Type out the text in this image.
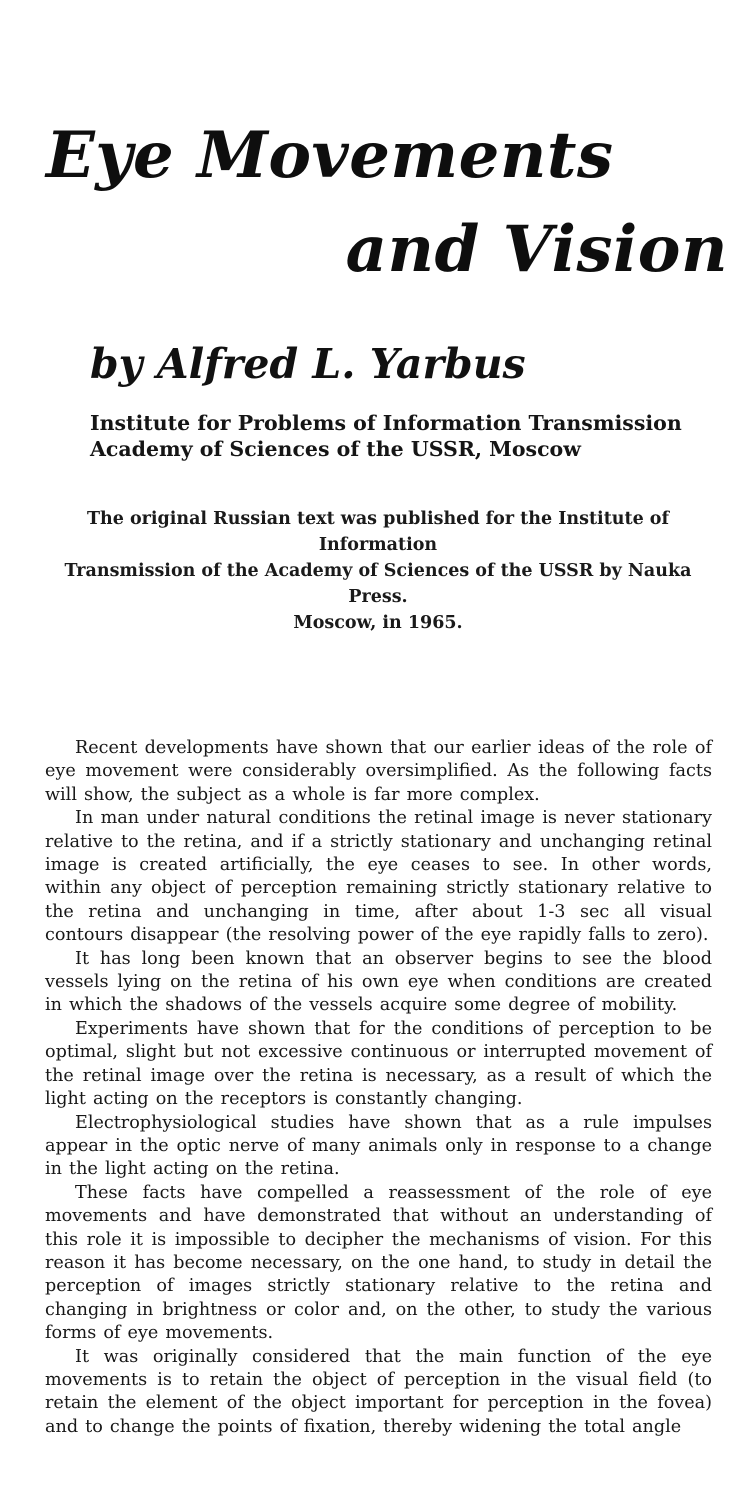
Eye Movements
and Vision
by Alfred L. Yarbus
Institute for Problems of Information Transmission
Academy of Sciences of the USSR, Moscow
The original Russian text was published for the Institute of Information
Transmission of the Academy of Sciences of the USSR by Nauka Press.
Moscow, in 1965.

Recent developments have shown that our earlier ideas of the role of eye movement were considerably oversimplified. As the following facts will show, the subject as a whole is far more complex.

In man under natural conditions the retinal image is never stationary relative to the retina, and if a strictly stationary and unchanging retinal image is created artificially, the eye ceases to see. In other words, within any object of perception remaining strictly stationary relative to the retina and unchanging in time, after about 1-3 sec all visual contours disappear (the resolving power of the eye rapidly falls to zero).

It has long been known that an observer begins to see the blood vessels lying on the retina of his own eye when conditions are created in which the shadows of the vessels acquire some degree of mobility.

Experiments have shown that for the conditions of perception to be optimal, slight but not excessive continuous or interrupted movement of the retinal image over the retina is necessary, as a result of which the light acting on the receptors is constantly changing.

Electrophysiological studies have shown that as a rule impulses appear in the optic nerve of many animals only in response to a change in the light acting on the retina.

These facts have compelled a reassessment of the role of eye movements and have demonstrated that without an understanding of this role it is impossible to decipher the mechanisms of vision. For this reason it has become necessary, on the one hand, to study in detail the perception of images strictly stationary relative to the retina and changing in brightness or color and, on the other, to study the various forms of eye movements.

It was originally considered that the main function of the eye movements is to retain the object of perception in the visual field (to retain the element of the object important for perception in the fovea) and to change the points of fixation, thereby widening the total angle
